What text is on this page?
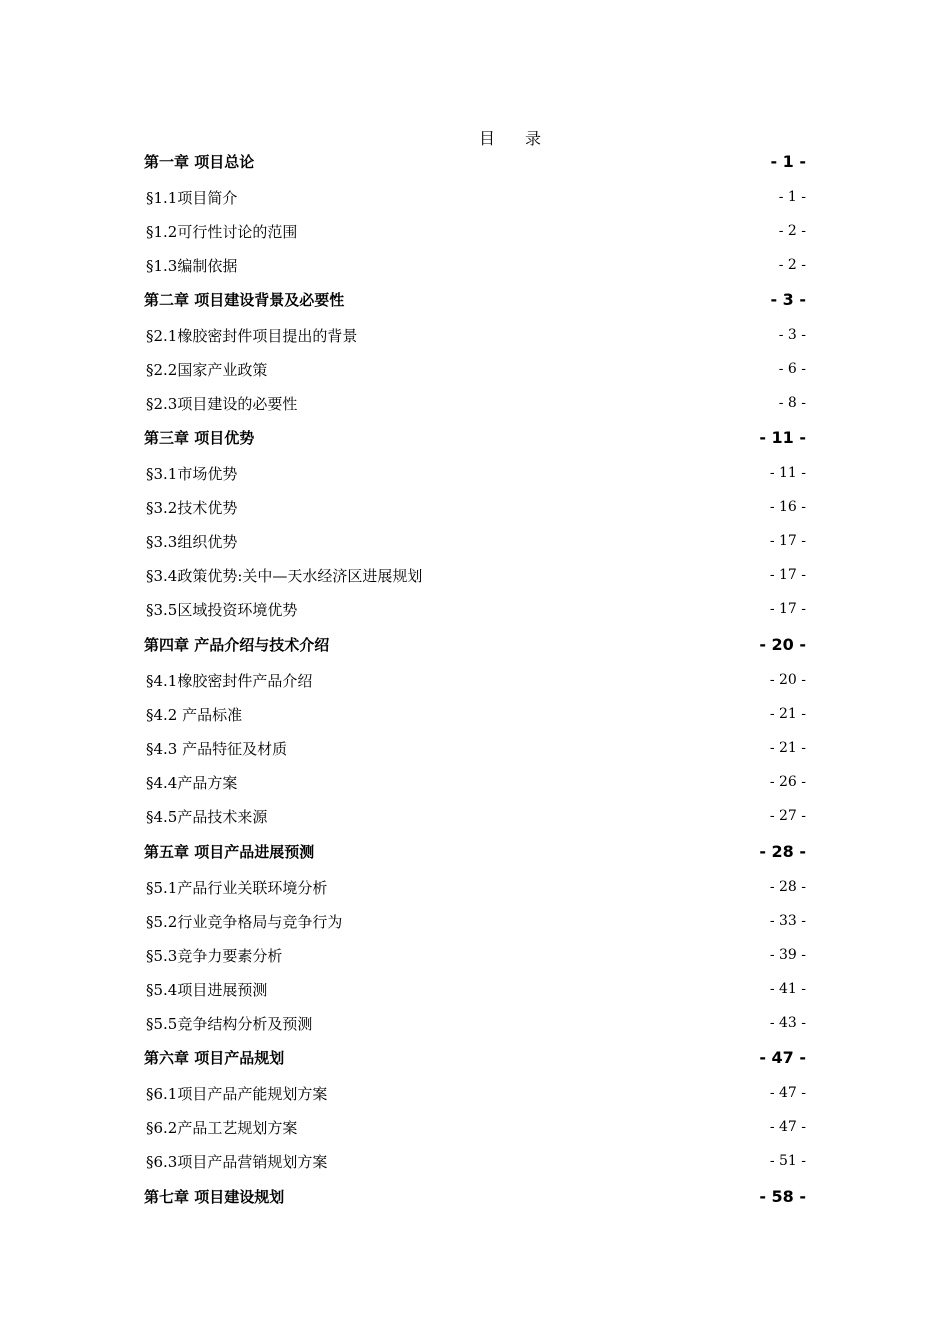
目录
第一章 项目总论	- 1 -
§1.1项目简介	- 1 -
§1.2可行性讨论的范围	- 2 -
§1.3编制依据	- 2 -
第二章 项目建设背景及必要性	- 3 -
§2.1橡胶密封件项目提出的背景	- 3 -
§2.2国家产业政策	- 6 -
§2.3项目建设的必要性	- 8 -
第三章 项目优势	- 11 -
§3.1市场优势	- 11 -
§3.2技术优势	- 16 -
§3.3组织优势	- 17 -
§3.4政策优势:关中—天水经济区进展规划	- 17 -
§3.5区域投资环境优势	- 17 -
第四章 产品介绍与技术介绍	- 20 -
§4.1橡胶密封件产品介绍	- 20 -
§4.2 产品标准	- 21 -
§4.3 产品特征及材质	- 21 -
§4.4产品方案	- 26 -
§4.5产品技术来源	- 27 -
第五章 项目产品进展预测	- 28 -
§5.1产品行业关联环境分析	- 28 -
§5.2行业竞争格局与竞争行为	- 33 -
§5.3竞争力要素分析	- 39 -
§5.4项目进展预测	- 41 -
§5.5竞争结构分析及预测	- 43 -
第六章 项目产品规划	- 47 -
§6.1项目产品产能规划方案	- 47 -
§6.2产品工艺规划方案	- 47 -
§6.3项目产品营销规划方案	- 51 -
第七章 项目建设规划	- 58 -
